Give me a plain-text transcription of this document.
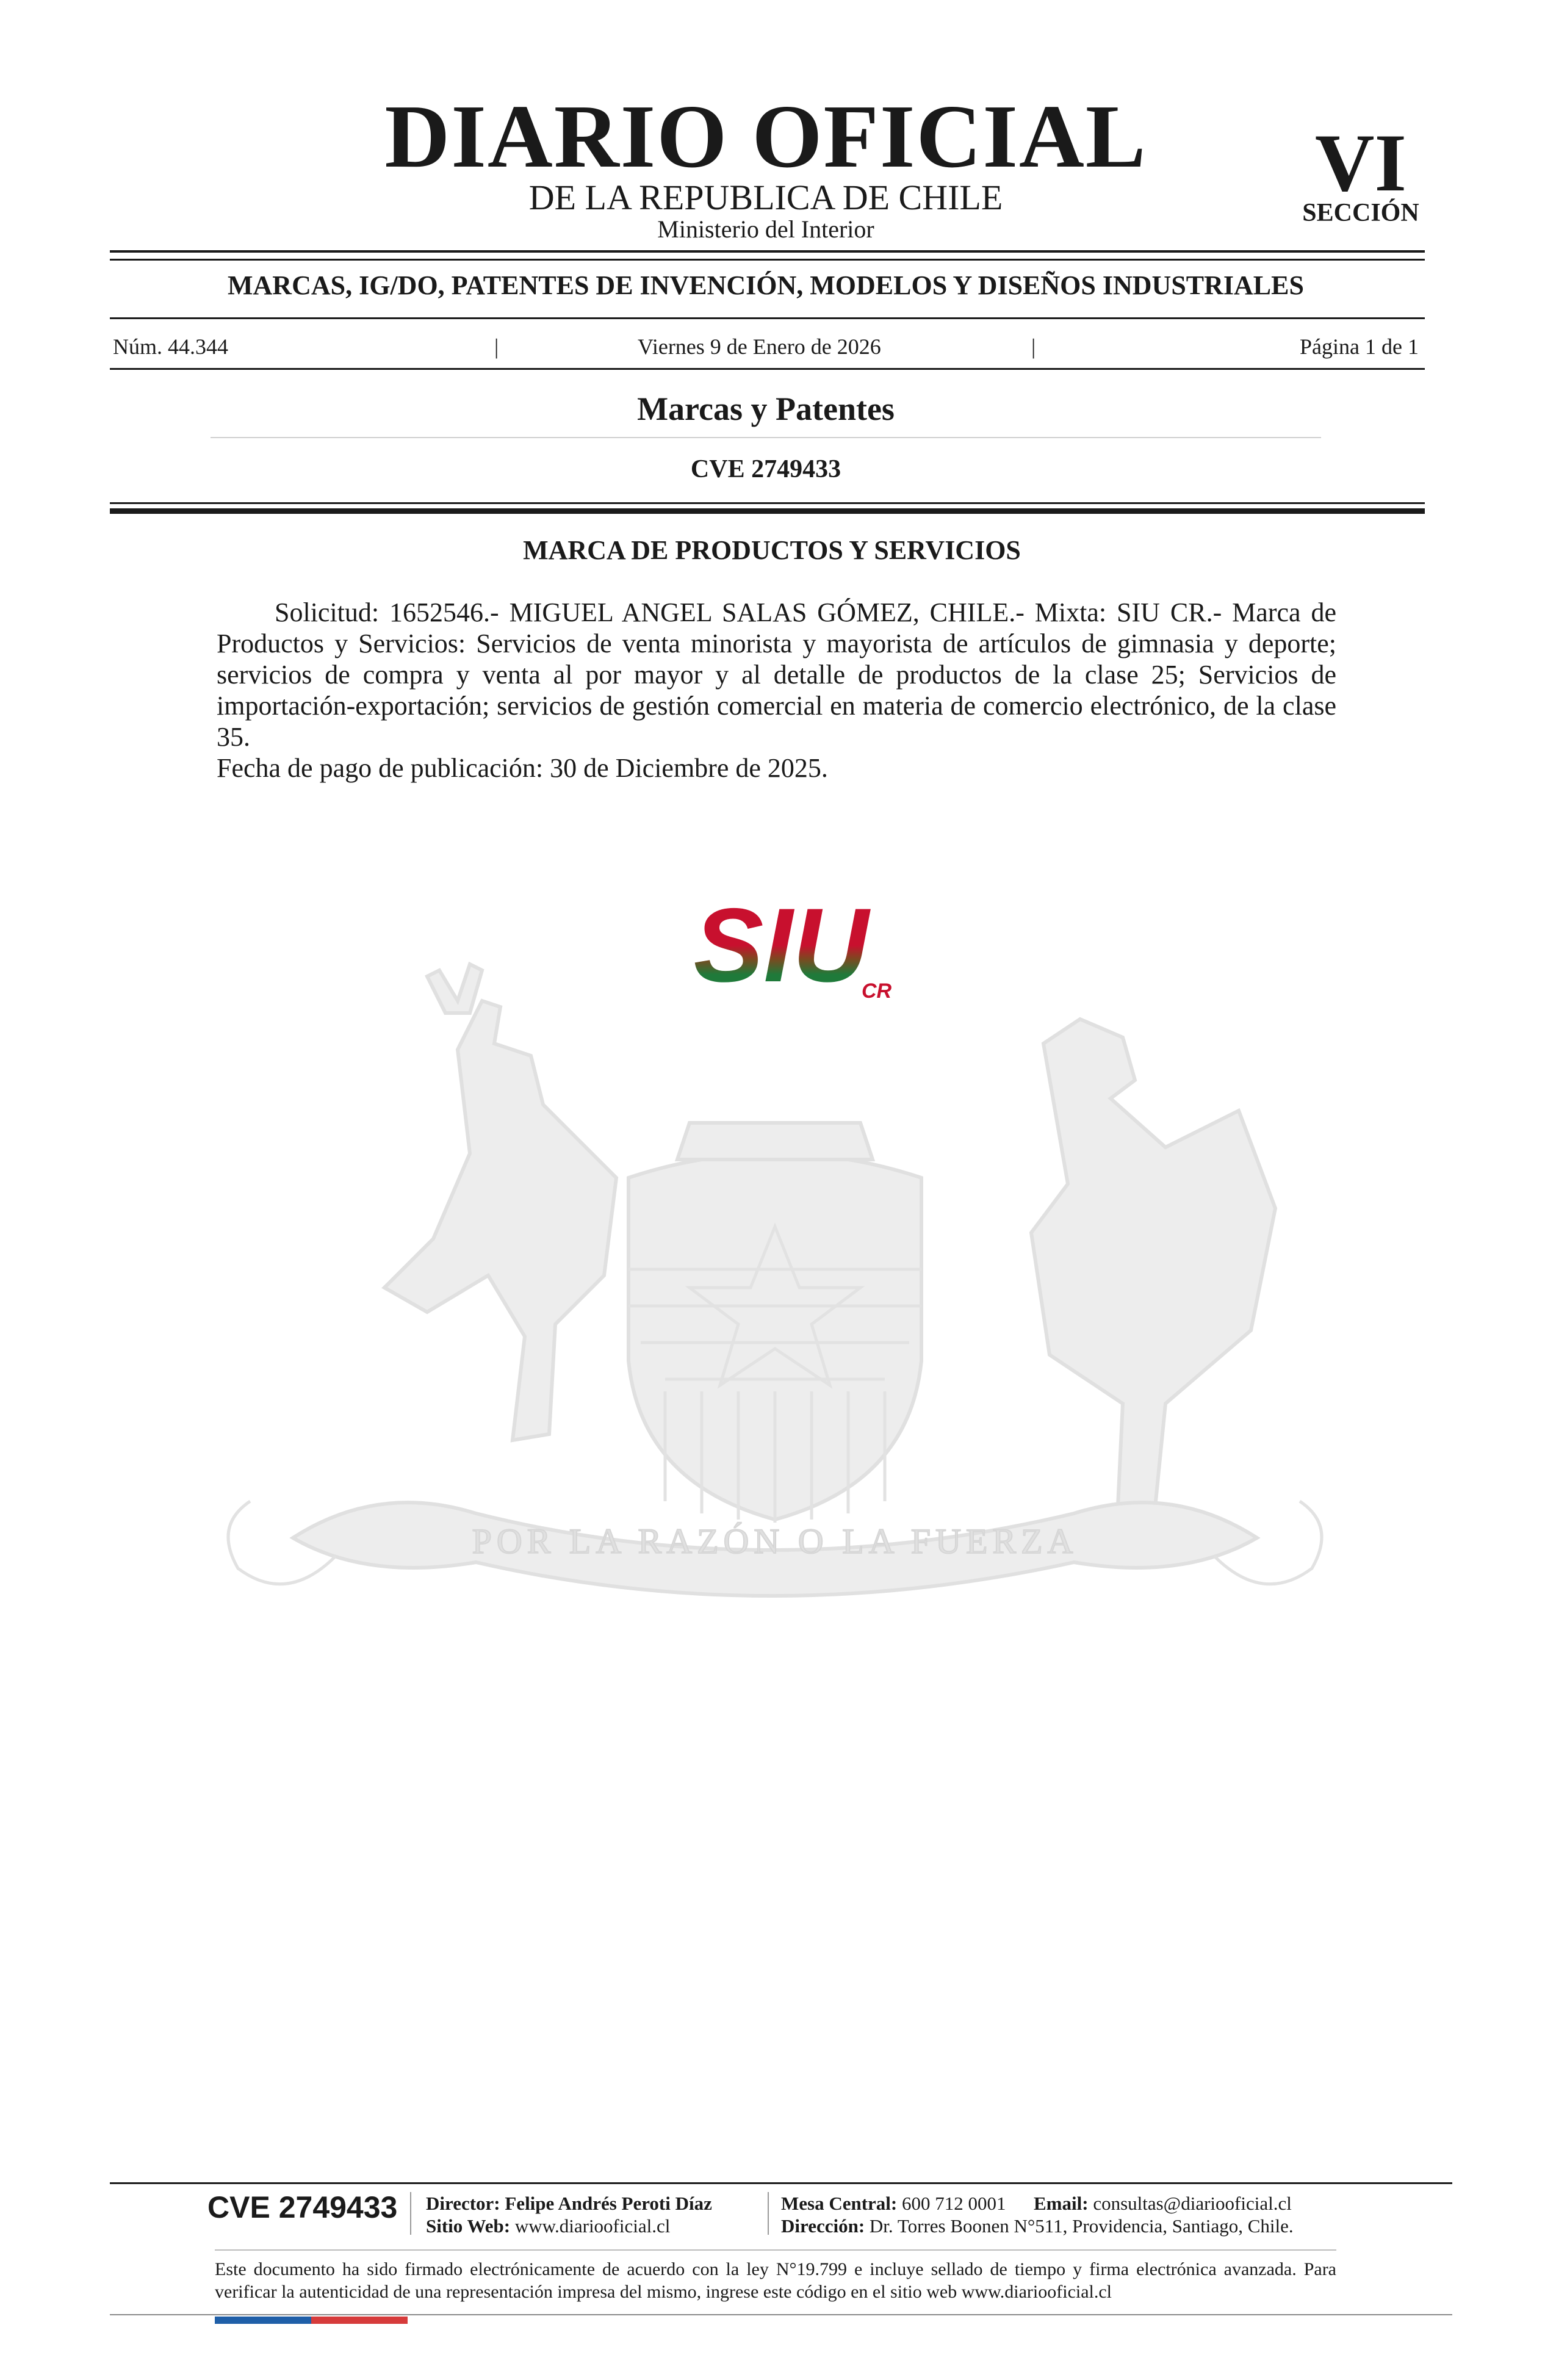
DIARIO OFICIAL
DE LA REPUBLICA DE CHILE
Ministerio del Interior
VI
SECCIÓN
MARCAS, IG/DO, PATENTES DE INVENCIÓN, MODELOS Y DISEÑOS INDUSTRIALES
Núm. 44.344	|	Viernes 9 de Enero de 2026	|	Página 1 de 1
Marcas y Patentes
CVE 2749433
MARCA DE PRODUCTOS Y SERVICIOS

Solicitud: 1652546.- MIGUEL ANGEL SALAS GÓMEZ, CHILE.- Mixta: SIU CR.- Marca de Productos y Servicios: Servicios de venta minorista y mayorista de artículos de gimnasia y deporte; servicios de compra y venta al por mayor y al detalle de productos de la clase 25; Servicios de importación-exportación; servicios de gestión comercial en materia de comercio electrónico, de la clase 35.

Fecha de pago de publicación: 30 de Diciembre de 2025.

POR LA RAZÓN O LA FUERZA
SIU
CR
CVE 2749433 Director: Felipe Andrés Peroti Díaz
Sitio Web: www.diariooficial.cl
Mesa Central: 600 712 0001 Email: consultas@diariooficial.cl
Dirección: Dr. Torres Boonen N°511, Providencia, Santiago, Chile.
Este documento ha sido firmado electrónicamente de acuerdo con la ley N°19.799 e incluye sellado de tiempo y firma electrónica avanzada. Para verificar la autenticidad de una representación impresa del mismo, ingrese este código en el sitio web www.diariooficial.cl
